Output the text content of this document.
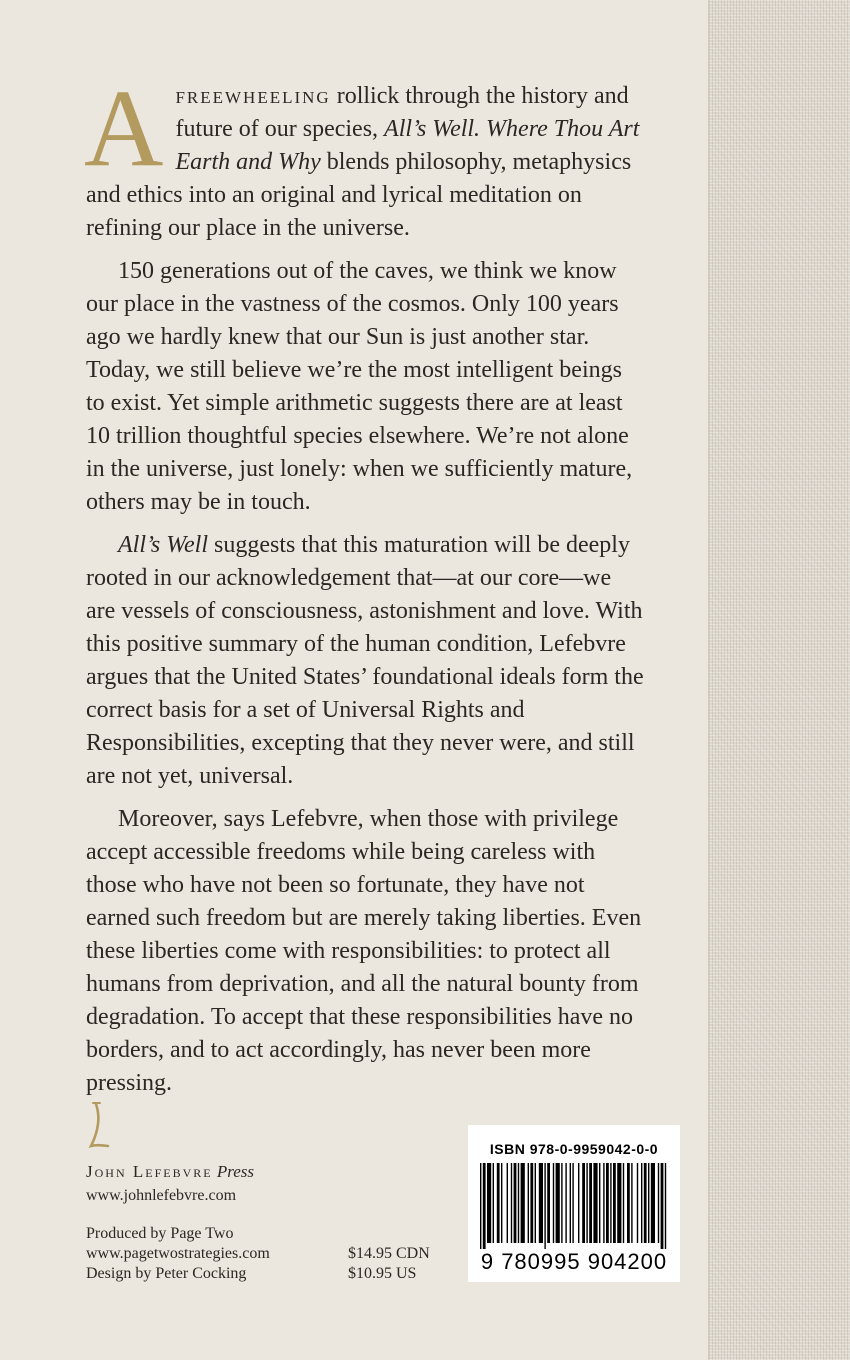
Afreewheeling rollick through the history and future of our species, All’s Well. Where Thou Art Earth and Why blends philosophy, metaphysics and ethics into an original and lyrical meditation on refining our place in the universe.

150 generations out of the caves, we think we know our place in the vastness of the cosmos. Only 100 years ago we hardly knew that our Sun is just another star. Today, we still believe we’re the most intelligent beings to exist. Yet simple arithmetic suggests there are at least 10 trillion thoughtful species elsewhere. We’re not alone in the universe, just lonely: when we sufficiently mature, others may be in touch.

All’s Well suggests that this maturation will be deeply rooted in our acknowledgement that—at our core—we are vessels of consciousness, astonishment and love. With this positive summary of the human condition, Lefebvre argues that the United States’ foundational ideals form the correct basis for a set of Universal Rights and Responsibilities, excepting that they never were, and still are not yet, universal.

Moreover, says Lefebvre, when those with privilege accept accessible freedoms while being careless with those who have not been so fortunate, they have not earned such freedom but are merely taking liberties. Even these liberties come with responsibilities: to protect all humans from deprivation, and all the natural bounty from degradation. To accept that these responsibilities have no borders, and to act accordingly, has never been more pressing.

John Lefebvre Press
www.johnlefebvre.com
Produced by Page Two
www.pagetwostrategies.com
Design by Peter Cocking
$14.95 CDN
$10.95 US
ISBN 978-0-9959042-0-0
9 780995 904200
